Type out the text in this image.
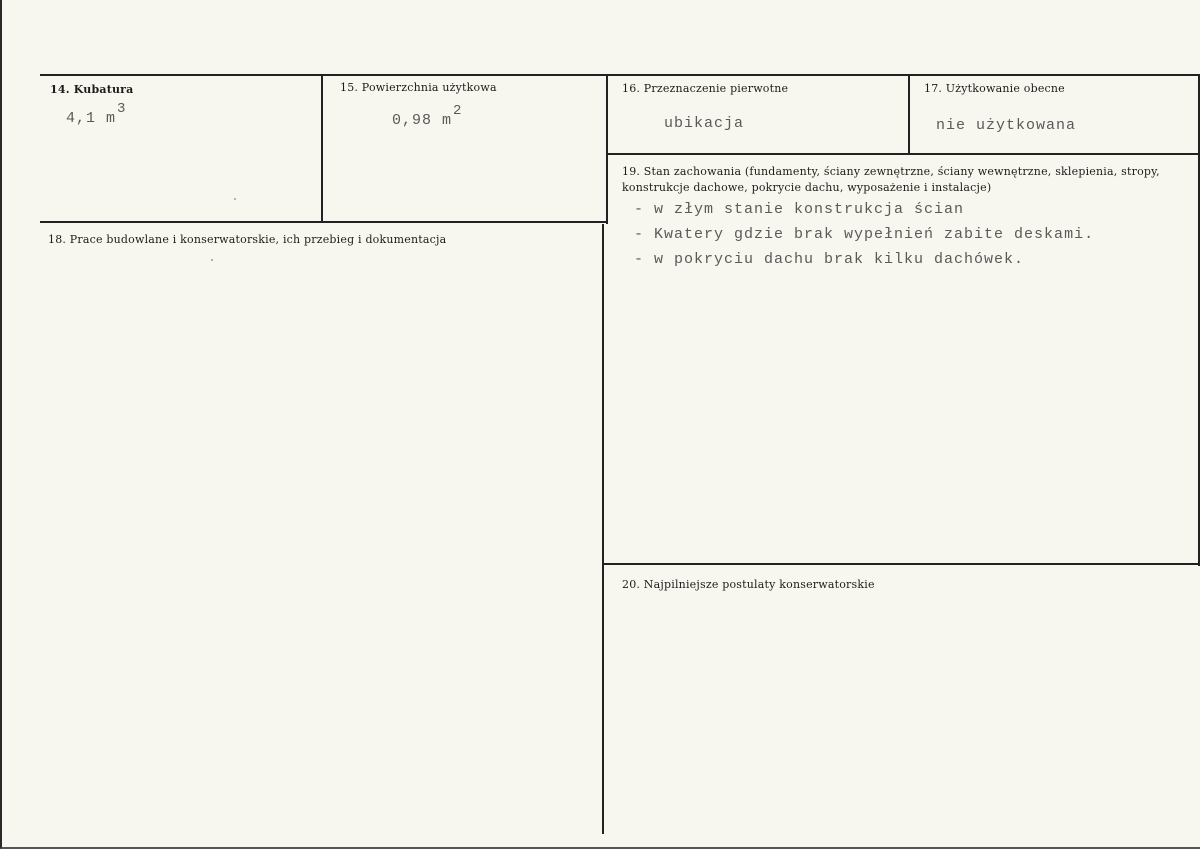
14. Kubatura
4,1 m3
15. Powierzchnia użytkowa
0,98 m2
16. Przeznaczenie pierwotne
ubikacja
17. Użytkowanie obecne
nie użytkowana
18. Prace budowlane i konserwatorskie, ich przebieg i dokumentacja
19. Stan zachowania (fundamenty, ściany zewnętrzne, ściany wewnętrzne, sklepienia, stropy, konstrukcje dachowe, pokrycie dachu, wyposażenie i instalacje)
- w złym stanie konstrukcja ścian
- Kwatery gdzie brak wypełnień zabite deskami.
- w pokryciu dachu brak kilku dachówek.
20. Najpilniejsze postulaty konserwatorskie
